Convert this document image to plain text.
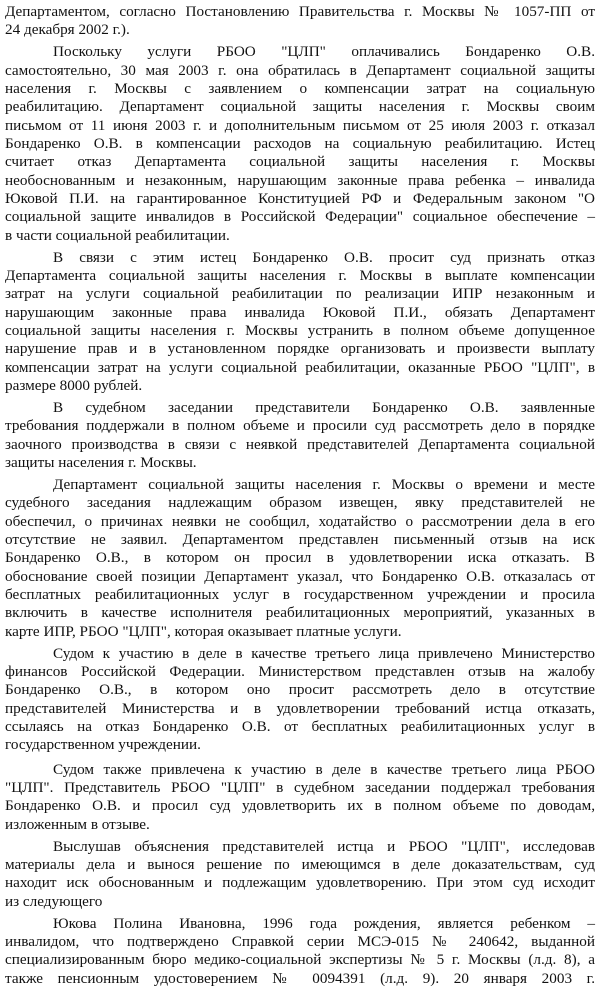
Департаментом, согласно Постановлению Правительства г. Москвы № 1057-ПП от
24 декабря 2002 г.).
Поскольку услуги РБОО "ЦЛП" оплачивались Бондаренко О.В.
самостоятельно, 30 мая 2003 г. она обратилась в Департамент социальной защиты
населения г. Москвы с заявлением о компенсации затрат на социальную
реабилитацию. Департамент социальной защиты населения г. Москвы своим
письмом от 11 июня 2003 г. и дополнительным письмом от 25 июля 2003 г. отказал
Бондаренко О.В. в компенсации расходов на социальную реабилитацию. Истец
считает отказ Департамента социальной защиты населения г. Москвы
необоснованным и незаконным, нарушающим законные права ребенка – инвалида
Юковой П.И. на гарантированное Конституцией РФ и Федеральным законом "О
социальной защите инвалидов в Российской Федерации" социальное обеспечение –
в части социальной реабилитации.
В связи с этим истец Бондаренко О.В. просит суд признать отказ
Департамента социальной защиты населения г. Москвы в выплате компенсации
затрат на услуги социальной реабилитации по реализации ИПР незаконным и
нарушающим законные права инвалида Юковой П.И., обязать Департамент
социальной защиты населения г. Москвы устранить в полном объеме допущенное
нарушение прав и в установленном порядке организовать и произвести выплату
компенсации затрат на услуги социальной реабилитации, оказанные РБОО "ЦЛП", в
размере 8000 рублей.
В судебном заседании представители Бондаренко О.В. заявленные
требования поддержали в полном объеме и просили суд рассмотреть дело в порядке
заочного производства в связи с неявкой представителей Департамента социальной
защиты населения г. Москвы.
Департамент социальной защиты населения г. Москвы о времени и месте
судебного заседания надлежащим образом извещен, явку представителей не
обеспечил, о причинах неявки не сообщил, ходатайство о рассмотрении дела в его
отсутствие не заявил. Департаментом представлен письменный отзыв на иск
Бондаренко О.В., в котором он просил в удовлетворении иска отказать. В
обоснование своей позиции Департамент указал, что Бондаренко О.В. отказалась от
бесплатных реабилитационных услуг в государственном учреждении и просила
включить в качестве исполнителя реабилитационных мероприятий, указанных в
карте ИПР, РБОО "ЦЛП", которая оказывает платные услуги.
Судом к участию в деле в качестве третьего лица привлечено Министерство
финансов Российской Федерации. Министерством представлен отзыв на жалобу
Бондаренко О.В., в котором оно просит рассмотреть дело в отсутствие
представителей Министерства и в удовлетворении требований истца отказать,
ссылаясь на отказ Бондаренко О.В. от бесплатных реабилитационных услуг в
государственном учреждении.
Судом также привлечена к участию в деле в качестве третьего лица РБОО
"ЦЛП". Представитель РБОО "ЦЛП" в судебном заседании поддержал требования
Бондаренко О.В. и просил суд удовлетворить их в полном объеме по доводам,
изложенным в отзыве.
Выслушав объяснения представителей истца и РБОО "ЦЛП", исследовав
материалы дела и вынося решение по имеющимся в деле доказательствам, суд
находит иск обоснованным и подлежащим удовлетворению. При этом суд исходит
из следующего
Юкова Полина Ивановна, 1996 года рождения, является ребенком –
инвалидом, что подтверждено Справкой серии МСЭ-015 № 240642, выданной
специализированным бюро медико-социальной экспертизы № 5 г. Москвы (л.д. 8), а
также пенсионным удостоверением № 0094391 (л.д. 9). 20 января 2003 г.
